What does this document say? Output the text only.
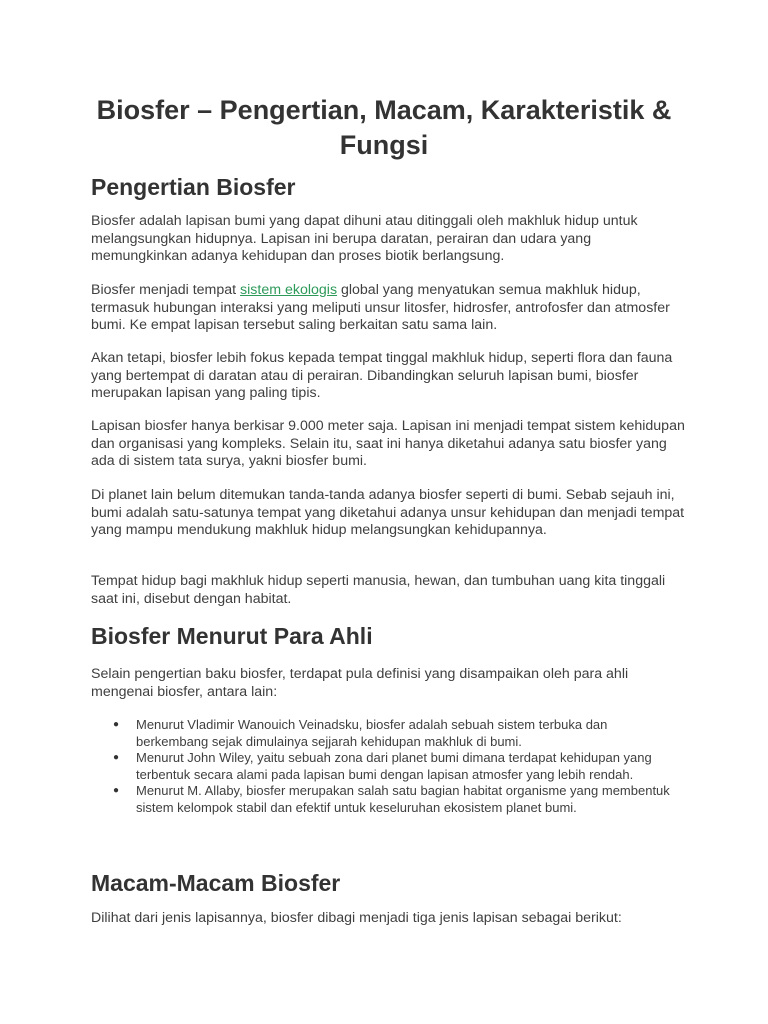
Biosfer – Pengertian, Macam, Karakteristik & Fungsi
Pengertian Biosfer

Biosfer adalah lapisan bumi yang dapat dihuni atau ditinggali oleh makhluk hidup untuk melangsungkan hidupnya. Lapisan ini berupa daratan, perairan dan udara yang memungkinkan adanya kehidupan dan proses biotik berlangsung.

Biosfer menjadi tempat sistem ekologis global yang menyatukan semua makhluk hidup, termasuk hubungan interaksi yang meliputi unsur litosfer, hidrosfer, antrofosfer dan atmosfer bumi. Ke empat lapisan tersebut saling berkaitan satu sama lain.

Akan tetapi, biosfer lebih fokus kepada tempat tinggal makhluk hidup, seperti flora dan fauna yang bertempat di daratan atau di perairan. Dibandingkan seluruh lapisan bumi, biosfer merupakan lapisan yang paling tipis.

Lapisan biosfer hanya berkisar 9.000 meter saja. Lapisan ini menjadi tempat sistem kehidupan dan organisasi yang kompleks. Selain itu, saat ini hanya diketahui adanya satu biosfer yang ada di sistem tata surya, yakni biosfer bumi.

Di planet lain belum ditemukan tanda-tanda adanya biosfer seperti di bumi. Sebab sejauh ini, bumi adalah satu-satunya tempat yang diketahui adanya unsur kehidupan dan menjadi tempat yang mampu mendukung makhluk hidup melangsungkan kehidupannya.

Tempat hidup bagi makhluk hidup seperti manusia, hewan, dan tumbuhan uang kita tinggali saat ini, disebut dengan habitat.

Biosfer Menurut Para Ahli

Selain pengertian baku biosfer, terdapat pula definisi yang disampaikan oleh para ahli mengenai biosfer, antara lain:

● Menurut Vladimir Wanouich Veinadsku, biosfer adalah sebuah sistem terbuka dan berkembang sejak dimulainya sejjarah kehidupan makhluk di bumi.
● Menurut John Wiley, yaitu sebuah zona dari planet bumi dimana terdapat kehidupan yang terbentuk secara alami pada lapisan bumi dengan lapisan atmosfer yang lebih rendah.
● Menurut M. Allaby, biosfer merupakan salah satu bagian habitat organisme yang membentuk sistem kelompok stabil dan efektif untuk keseluruhan ekosistem planet bumi.
Macam-Macam Biosfer

Dilihat dari jenis lapisannya, biosfer dibagi menjadi tiga jenis lapisan sebagai berikut:
